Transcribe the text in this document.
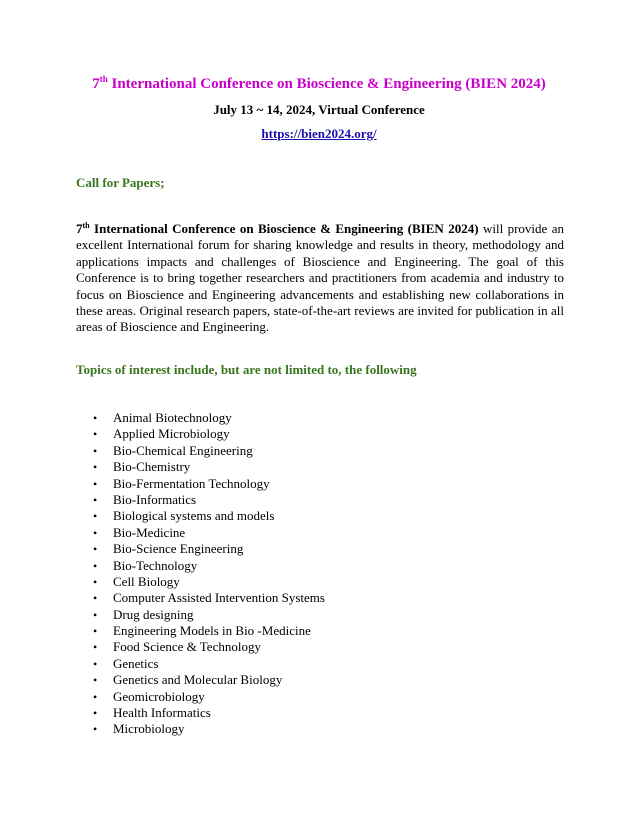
7th International Conference on Bioscience & Engineering (BIEN 2024)
July 13 ~ 14, 2024, Virtual Conference
https://bien2024.org/
Call for Papers;
7th International Conference on Bioscience & Engineering (BIEN 2024) will provide an excellent International forum for sharing knowledge and results in theory, methodology and applications impacts and challenges of Bioscience and Engineering. The goal of this Conference is to bring together researchers and practitioners from academia and industry to focus on Bioscience and Engineering advancements and establishing new collaborations in these areas. Original research papers, state-of-the-art reviews are invited for publication in all areas of Bioscience and Engineering.
Topics of interest include, but are not limited to, the following
•	Animal Biotechnology
•	Applied Microbiology
•	Bio-Chemical Engineering
•	Bio-Chemistry
•	Bio-Fermentation Technology
•	Bio-Informatics
•	Biological systems and models
•	Bio-Medicine
•	Bio-Science Engineering
•	Bio-Technology
•	Cell Biology
•	Computer Assisted Intervention Systems
•	Drug designing
•	Engineering Models in Bio -Medicine
•	Food Science & Technology
•	Genetics
•	Genetics and Molecular Biology
•	Geomicrobiology
•	Health Informatics
•	Microbiology
